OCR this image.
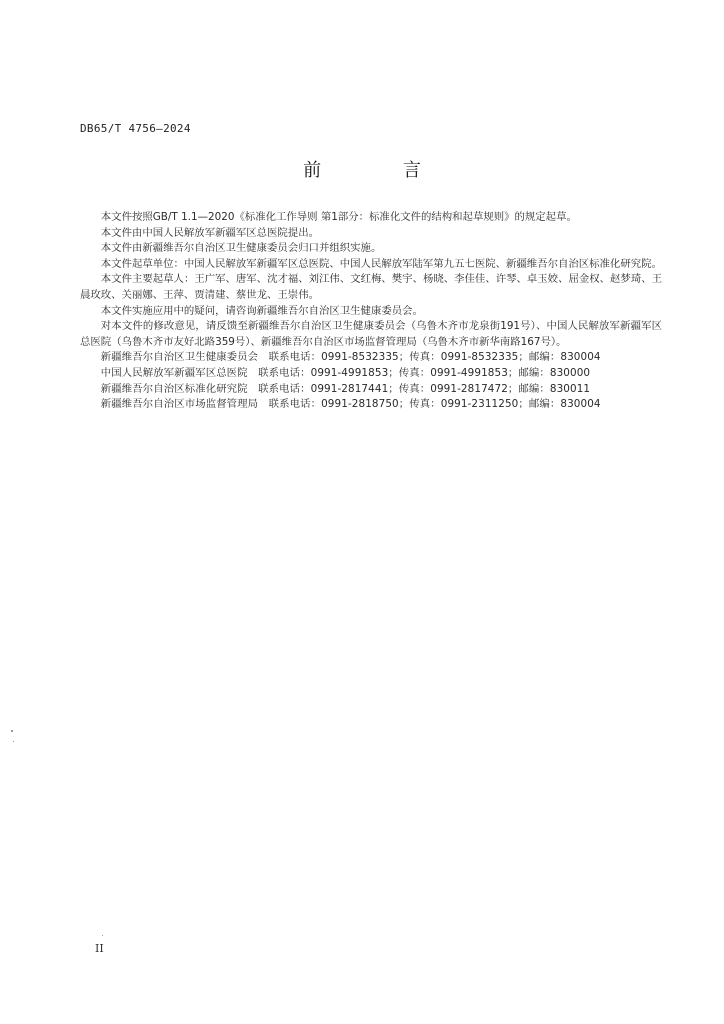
DB65/T 4756—2024
前 言

本文件按照GB/T 1.1—2020《标准化工作导则 第1部分：标准化文件的结构和起草规则》的规定起草。

本文件由中国人民解放军新疆军区总医院提出。

本文件由新疆维吾尔自治区卫生健康委员会归口并组织实施。

本文件起草单位：中国人民解放军新疆军区总医院、中国人民解放军陆军第九五七医院、新疆维吾尔自治区标准化研究院。

本文件主要起草人：王广军、唐军、沈才福、刘江伟、文红梅、樊宇、杨晓、李佳佳、许琴、卓玉姣、屈金权、赵梦琦、王晨玫玫、关丽娜、王萍、贾清建、蔡世龙、王崇伟。

本文件实施应用中的疑问，请咨询新疆维吾尔自治区卫生健康委员会。

对本文件的修改意见，请反馈至新疆维吾尔自治区卫生健康委员会（乌鲁木齐市龙泉街191号）、中国人民解放军新疆军区总医院（乌鲁木齐市友好北路359号）、新疆维吾尔自治区市场监督管理局（乌鲁木齐市新华南路167号）。

新疆维吾尔自治区卫生健康委员会　联系电话：0991-8532335；传真：0991-8532335；邮编：830004

中国人民解放军新疆军区总医院　联系电话：0991-4991853；传真：0991-4991853；邮编：830000

新疆维吾尔自治区标准化研究院　联系电话：0991-2817441；传真：0991-2817472；邮编：830011

新疆维吾尔自治区市场监督管理局　联系电话：0991-2818750；传真：0991-2311250；邮编：830004

II
